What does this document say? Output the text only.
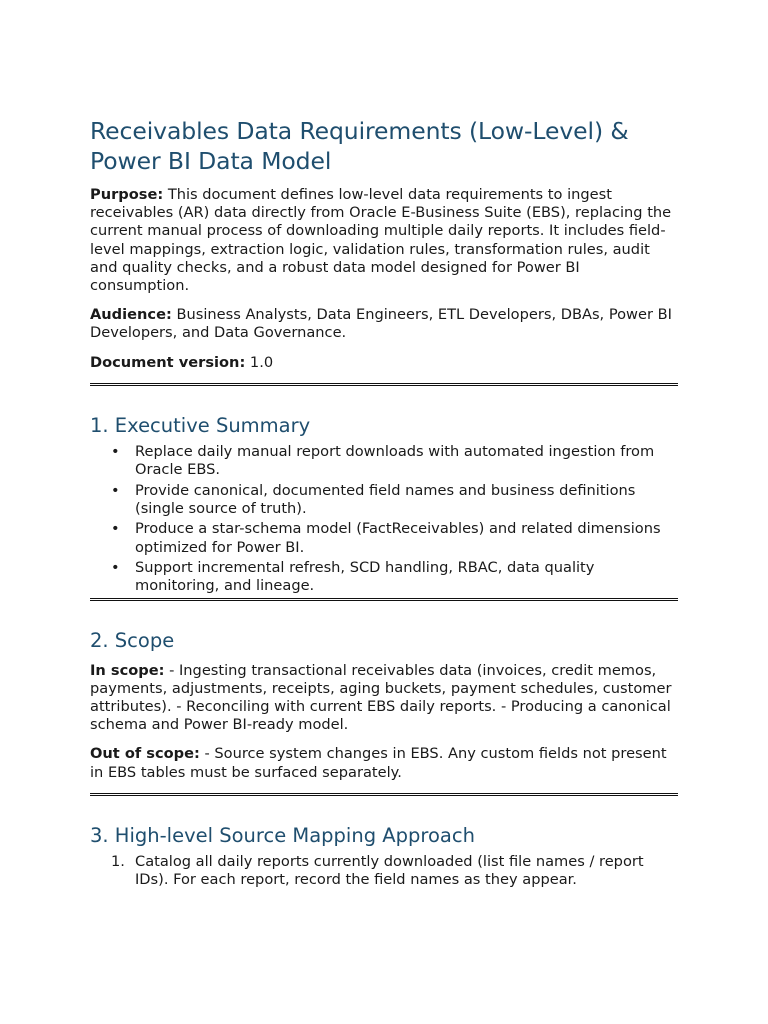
Receivables Data Requirements (Low-Level) & Power BI Data Model

Purpose: This document defines low-level data requirements to ingest receivables (AR) data directly from Oracle E-Business Suite (EBS), replacing the current manual process of downloading multiple daily reports. It includes field-level mappings, extraction logic, validation rules, transformation rules, audit and quality checks, and a robust data model designed for Power BI consumption.

Audience: Business Analysts, Data Engineers, ETL Developers, DBAs, Power BI Developers, and Data Governance.

Document version: 1.0

1. Executive Summary
• Replace daily manual report downloads with automated ingestion from Oracle EBS.
• Provide canonical, documented field names and business definitions (single source of truth).
• Produce a star-schema model (FactReceivables) and related dimensions optimized for Power BI.
• Support incremental refresh, SCD handling, RBAC, data quality monitoring, and lineage.
2. Scope

In scope: - Ingesting transactional receivables data (invoices, credit memos, payments, adjustments, receipts, aging buckets, payment schedules, customer attributes). - Reconciling with current EBS daily reports. - Producing a canonical schema and Power BI-ready model.

Out of scope: - Source system changes in EBS. Any custom fields not present in EBS tables must be surfaced separately.

3. High-level Source Mapping Approach
1. Catalog all daily reports currently downloaded (list file names / report IDs). For each report, record the field names as they appear.
